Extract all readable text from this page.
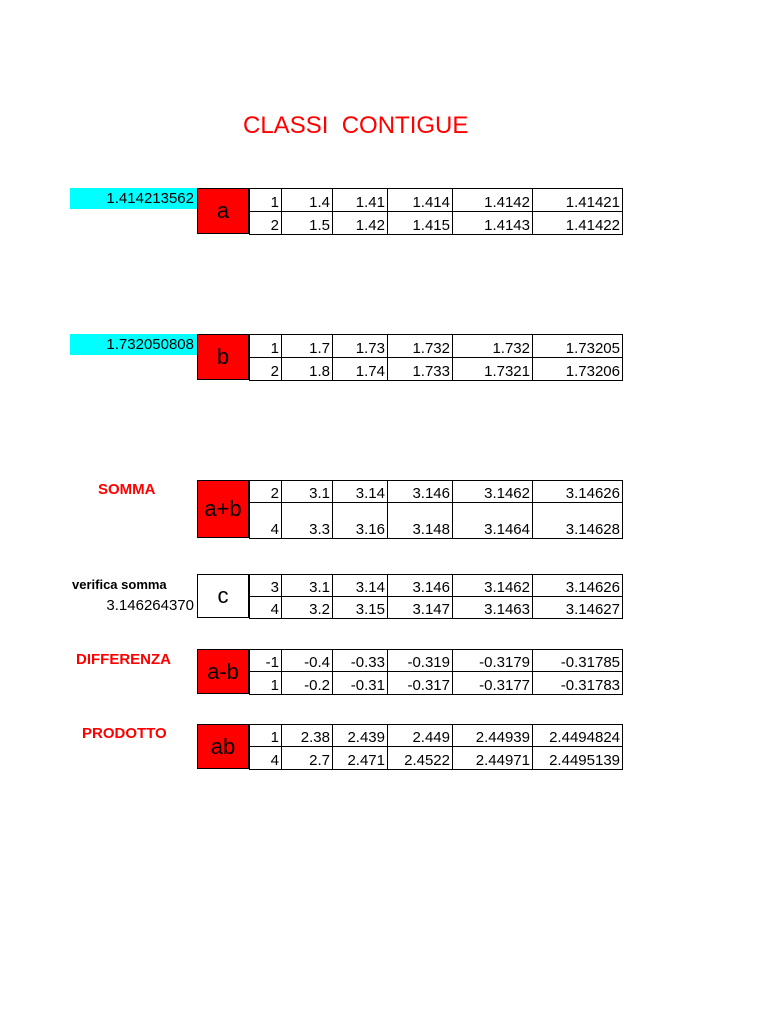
CLASSI  CONTIGUE
1.414213562	a	1	1.4	1.41	1.414	1.4142	1.41421
2	1.5	1.42	1.415	1.4143	1.41422
1.732050808	b	1	1.7	1.73	1.732	1.732	1.73205
2	1.8	1.74	1.733	1.7321	1.73206
SOMMA
a+b
2	3.1	3.14	3.146	3.1462	3.14626
4	3.3	3.16	3.148	3.1464	3.14628
verifica somma
3.146264370	c	3	3.1	3.14	3.146	3.1462	3.14626
4	3.2	3.15	3.147	3.1463	3.14627
DIFFERENZA	a-b	-1	-0.4	-0.33	-0.319	-0.3179	-0.31785
1	-0.2	-0.31	-0.317	-0.3177	-0.31783
PRODOTTO	ab	1	2.38	2.439	2.449	2.44939	2.4494824
4	2.7	2.471	2.4522	2.44971	2.4495139
